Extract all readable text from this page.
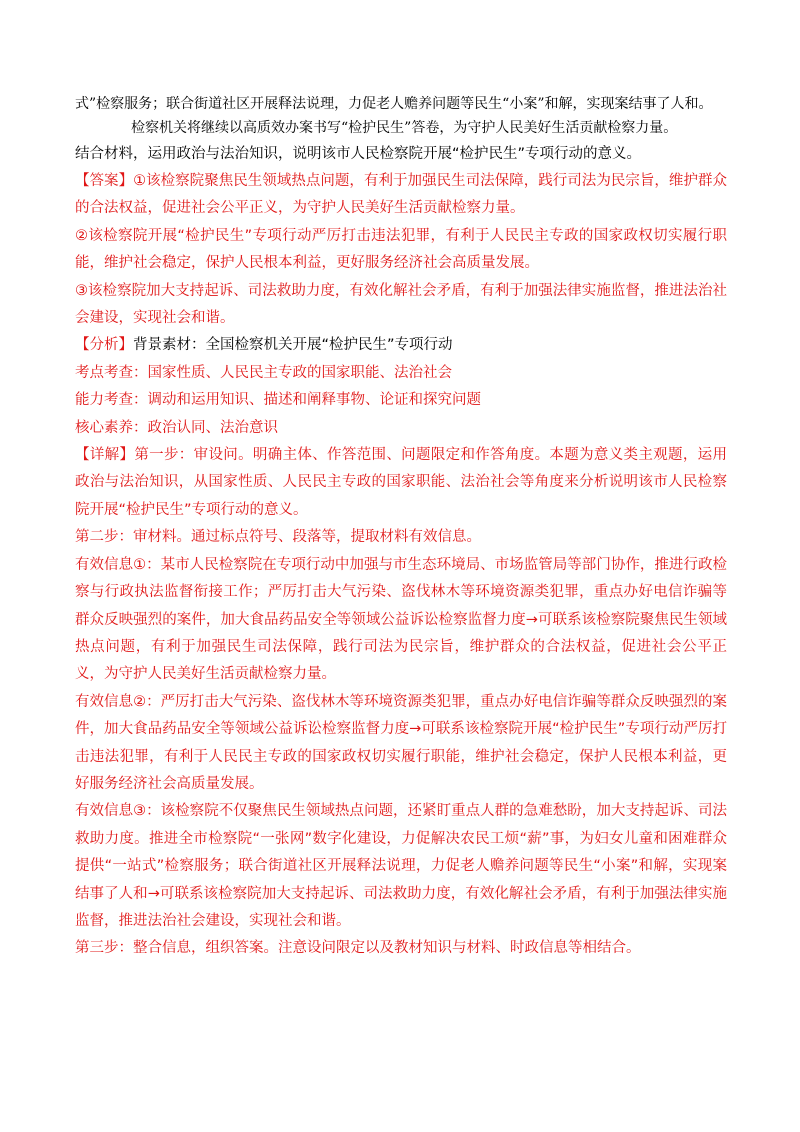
式”检察服务；联合街道社区开展释法说理，力促老人赡养问题等民生“小案”和解，实现案结事了人和。
检察机关将继续以高质效办案书写“检护民生”答卷，为守护人民美好生活贡献检察力量。
结合材料，运用政治与法治知识，说明该市人民检察院开展“检护民生”专项行动的意义。

【答案】①该检察院聚焦民生领域热点问题，有利于加强民生司法保障，践行司法为民宗旨，维护群众的合法权益，促进社会公平正义，为守护人民美好生活贡献检察力量。

②该检察院开展“检护民生”专项行动严厉打击违法犯罪，有利于人民民主专政的国家政权切实履行职能，维护社会稳定，保护人民根本利益，更好服务经济社会高质量发展。

③该检察院加大支持起诉、司法救助力度，有效化解社会矛盾，有利于加强法律实施监督，推进法治社会建设，实现社会和谐。

【分析】背景素材：全国检察机关开展“检护民生”专项行动

考点考查：国家性质、人民民主专政的国家职能、法治社会

能力考查：调动和运用知识、描述和阐释事物、论证和探究问题

核心素养：政治认同、法治意识

【详解】第一步：审设问。明确主体、作答范围、问题限定和作答角度。本题为意义类主观题，运用政治与法治知识，从国家性质、人民民主专政的国家职能、法治社会等角度来分析说明该市人民检察院开展“检护民生”专项行动的意义。

第二步：审材料。通过标点符号、段落等，提取材料有效信息。

有效信息①：某市人民检察院在专项行动中加强与市生态环境局、市场监管局等部门协作，推进行政检察与行政执法监督衔接工作；严厉打击大气污染、盗伐林木等环境资源类犯罪，重点办好电信诈骗等群众反映强烈的案件，加大食品药品安全等领域公益诉讼检察监督力度→可联系该检察院聚焦民生领域热点问题，有利于加强民生司法保障，践行司法为民宗旨，维护群众的合法权益，促进社会公平正义，为守护人民美好生活贡献检察力量。

有效信息②：严厉打击大气污染、盗伐林木等环境资源类犯罪，重点办好电信诈骗等群众反映强烈的案件，加大食品药品安全等领域公益诉讼检察监督力度→可联系该检察院开展“检护民生”专项行动严厉打击违法犯罪，有利于人民民主专政的国家政权切实履行职能，维护社会稳定，保护人民根本利益，更好服务经济社会高质量发展。

有效信息③：该检察院不仅聚焦民生领域热点问题，还紧盯重点人群的急难愁盼，加大支持起诉、司法救助力度。推进全市检察院“一张网”数字化建设，力促解决农民工烦“薪”事，为妇女儿童和困难群众提供“一站式”检察服务；联合街道社区开展释法说理，力促老人赡养问题等民生“小案”和解，实现案结事了人和→可联系该检察院加大支持起诉、司法救助力度，有效化解社会矛盾，有利于加强法律实施监督，推进法治社会建设，实现社会和谐。

第三步：整合信息，组织答案。注意设问限定以及教材知识与材料、时政信息等相结合。
